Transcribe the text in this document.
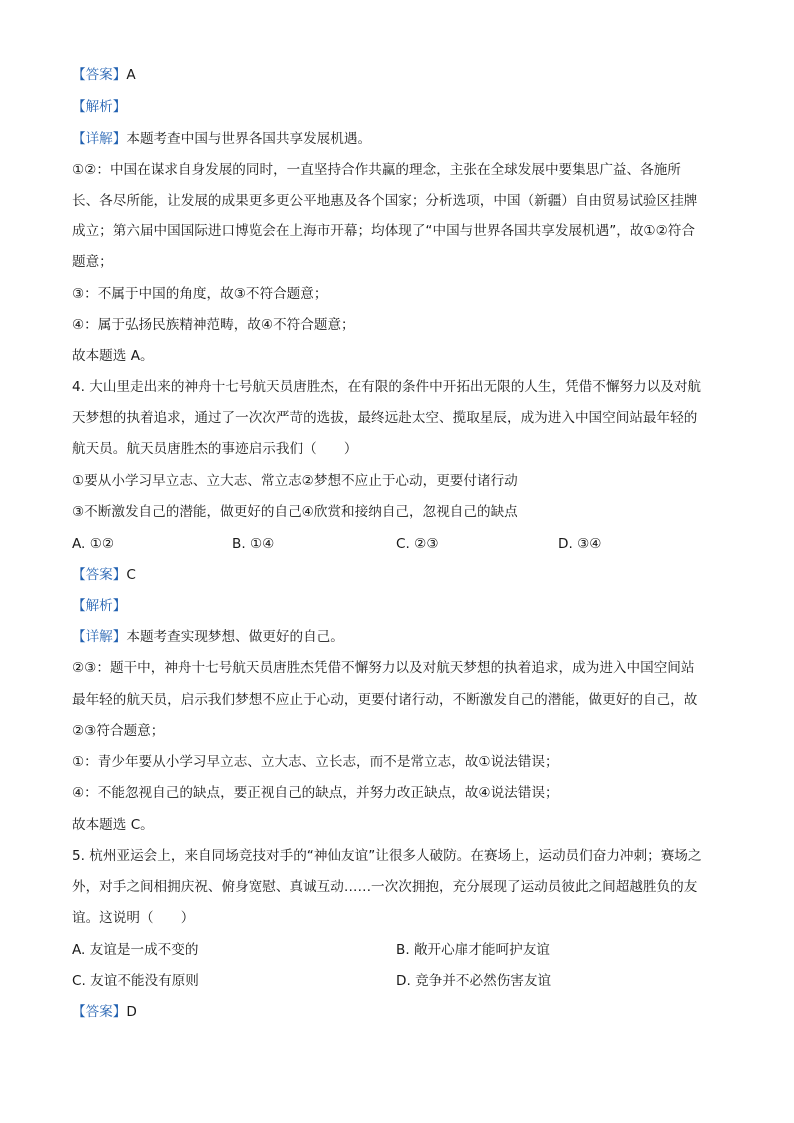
【答案】A
【解析】
【详解】本题考查中国与世界各国共享发展机遇。
①②：中国在谋求自身发展的同时，一直坚持合作共赢的理念，主张在全球发展中要集思广益、各施所
长、各尽所能，让发展的成果更多更公平地惠及各个国家；分析选项，中国（新疆）自由贸易试验区挂牌
成立；第六届中国国际进口博览会在上海市开幕；均体现了“中国与世界各国共享发展机遇”，故①②符合
题意；
③：不属于中国的角度，故③不符合题意；
④：属于弘扬民族精神范畴，故④不符合题意；
故本题选 A。
4. 大山里走出来的神舟十七号航天员唐胜杰，在有限的条件中开拓出无限的人生，凭借不懈努力以及对航
天梦想的执着追求，通过了一次次严苛的选拔，最终远赴太空、揽取星辰，成为进入中国空间站最年轻的
航天员。航天员唐胜杰的事迹启示我们（　　）
①要从小学习早立志、立大志、常立志②梦想不应止于心动，更要付诸行动
③不断激发自己的潜能，做更好的自己④欣赏和接纳自己，忽视自己的缺点
A. ①②	B. ①④	C. ②③	D. ③④
【答案】C
【解析】
【详解】本题考查实现梦想、做更好的自己。
②③：题干中，神舟十七号航天员唐胜杰凭借不懈努力以及对航天梦想的执着追求，成为进入中国空间站
最年轻的航天员，启示我们梦想不应止于心动，更要付诸行动，不断激发自己的潜能，做更好的自己，故
②③符合题意；
①：青少年要从小学习早立志、立大志、立长志，而不是常立志，故①说法错误；
④：不能忽视自己的缺点，要正视自己的缺点，并努力改正缺点，故④说法错误；
故本题选 C。
5. 杭州亚运会上，来自同场竞技对手的“神仙友谊”让很多人破防。在赛场上，运动员们奋力冲刺；赛场之
外，对手之间相拥庆祝、俯身宽慰、真诚互动……一次次拥抱，充分展现了运动员彼此之间超越胜负的友
谊。这说明（　　）
A. 友谊是一成不变的	B. 敞开心扉才能呵护友谊
C. 友谊不能没有原则	D. 竞争并不必然伤害友谊
【答案】D
